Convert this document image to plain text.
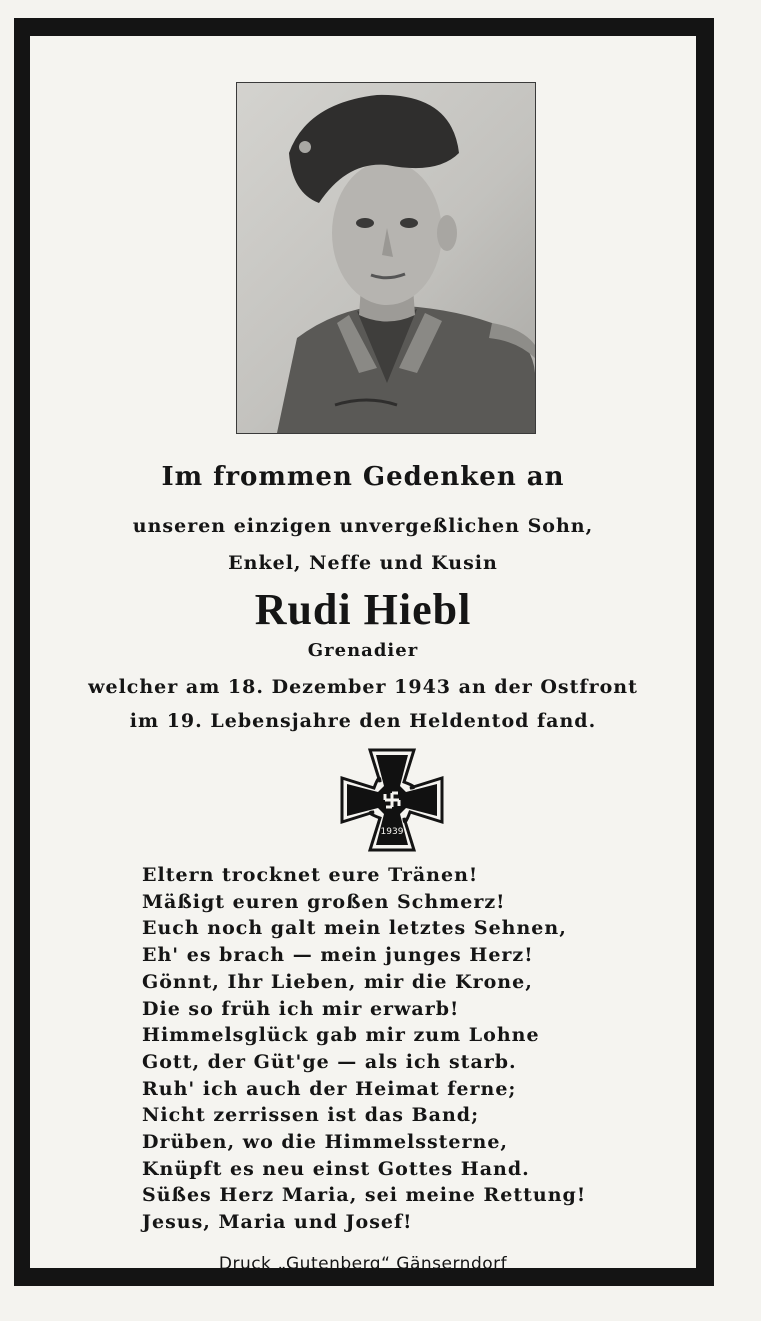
Im frommen Gedenken an
unseren einzigen unvergeßlichen Sohn,
Enkel, Neffe und Kusin
Rudi Hiebl
Grenadier
welcher am 18. Dezember 1943 an der Ostfront
im 19. Lebensjahre den Heldentod fand.
1939
Eltern trocknet eure Tränen!
Mäßigt euren großen Schmerz!
Euch noch galt mein letztes Sehnen,
Eh' es brach — mein junges Herz!
Gönnt, Ihr Lieben, mir die Krone,
Die so früh ich mir erwarb!
Himmelsglück gab mir zum Lohne
Gott, der Güt'ge — als ich starb.
Ruh' ich auch der Heimat ferne;
Nicht zerrissen ist das Band;
Drüben, wo die Himmelssterne,
Knüpft es neu einst Gottes Hand.
Süßes Herz Maria, sei meine Rettung!
Jesus, Maria und Josef!
Druck „Gutenberg“ Gänserndorf
